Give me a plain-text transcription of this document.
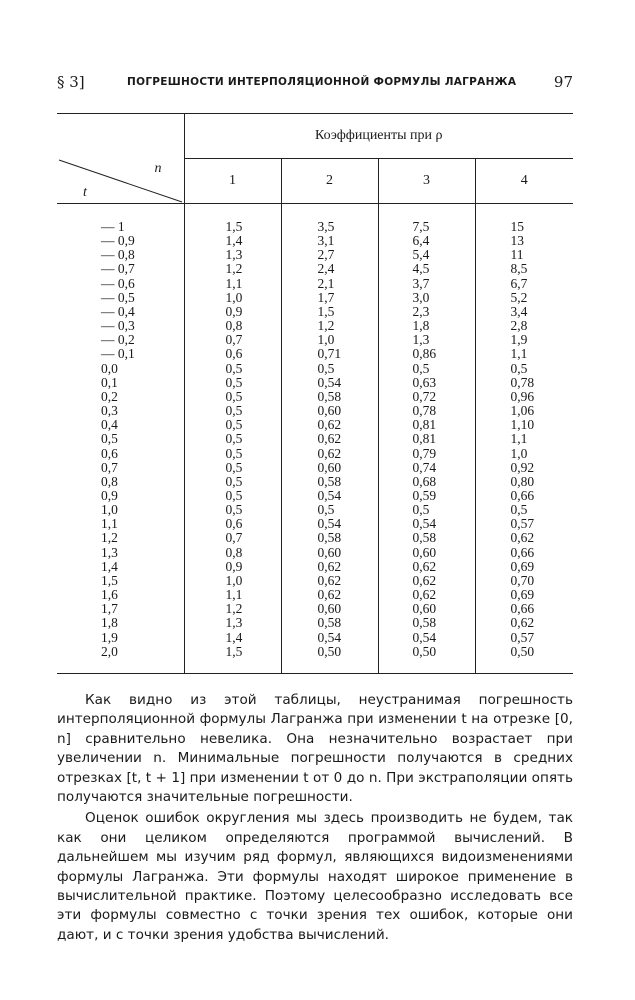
§ 3]	ПОГРЕШНОСТИ ИНТЕРПОЛЯЦИОННОЙ ФОРМУЛЫ ЛАГРАНЖА	97
	Коэффициенты при ρ			

n
t	1	2	3	4
— 1	1,5	3,5	7,5	15
— 0,9	1,4	3,1	6,4	13
— 0,8	1,3	2,7	5,4	11
— 0,7	1,2	2,4	4,5	8,5
— 0,6	1,1	2,1	3,7	6,7
— 0,5	1,0	1,7	3,0	5,2
— 0,4	0,9	1,5	2,3	3,4
— 0,3	0,8	1,2	1,8	2,8
— 0,2	0,7	1,0	1,3	1,9
— 0,1	0,6	0,71	0,86	1,1
0,0	0,5	0,5	0,5	0,5
0,1	0,5	0,54	0,63	0,78
0,2	0,5	0,58	0,72	0,96
0,3	0,5	0,60	0,78	1,06
0,4	0,5	0,62	0,81	1,10
0,5	0,5	0,62	0,81	1,1
0,6	0,5	0,62	0,79	1,0
0,7	0,5	0,60	0,74	0,92
0,8	0,5	0,58	0,68	0,80
0,9	0,5	0,54	0,59	0,66
1,0	0,5	0,5	0,5	0,5
1,1	0,6	0,54	0,54	0,57
1,2	0,7	0,58	0,58	0,62
1,3	0,8	0,60	0,60	0,66
1,4	0,9	0,62	0,62	0,69
1,5	1,0	0,62	0,62	0,70
1,6	1,1	0,62	0,62	0,69
1,7	1,2	0,60	0,60	0,66
1,8	1,3	0,58	0,58	0,62
1,9	1,4	0,54	0,54	0,57
2,0	1,5	0,50	0,50	0,50

Как видно из этой таблицы, неустранимая погрешность интерполяционной формулы Лагранжа при изменении t на отрезке [0, n] сравнительно невелика. Она незначительно возрастает при увеличении n. Минимальные погрешности получаются в средних отрезках [t, t + 1] при изменении t от 0 до n. При экстраполяции опять получаются значительные погрешности.

Оценок ошибок округления мы здесь производить не будем, так как они целиком определяются программой вычислений. В дальнейшем мы изучим ряд формул, являющихся видоизменениями формулы Лагранжа. Эти формулы находят широкое применение в вычислительной практике. Поэтому целесообразно исследовать все эти формулы совместно с точки зрения тех ошибок, которые они дают, и с точки зрения удобства вычислений.
